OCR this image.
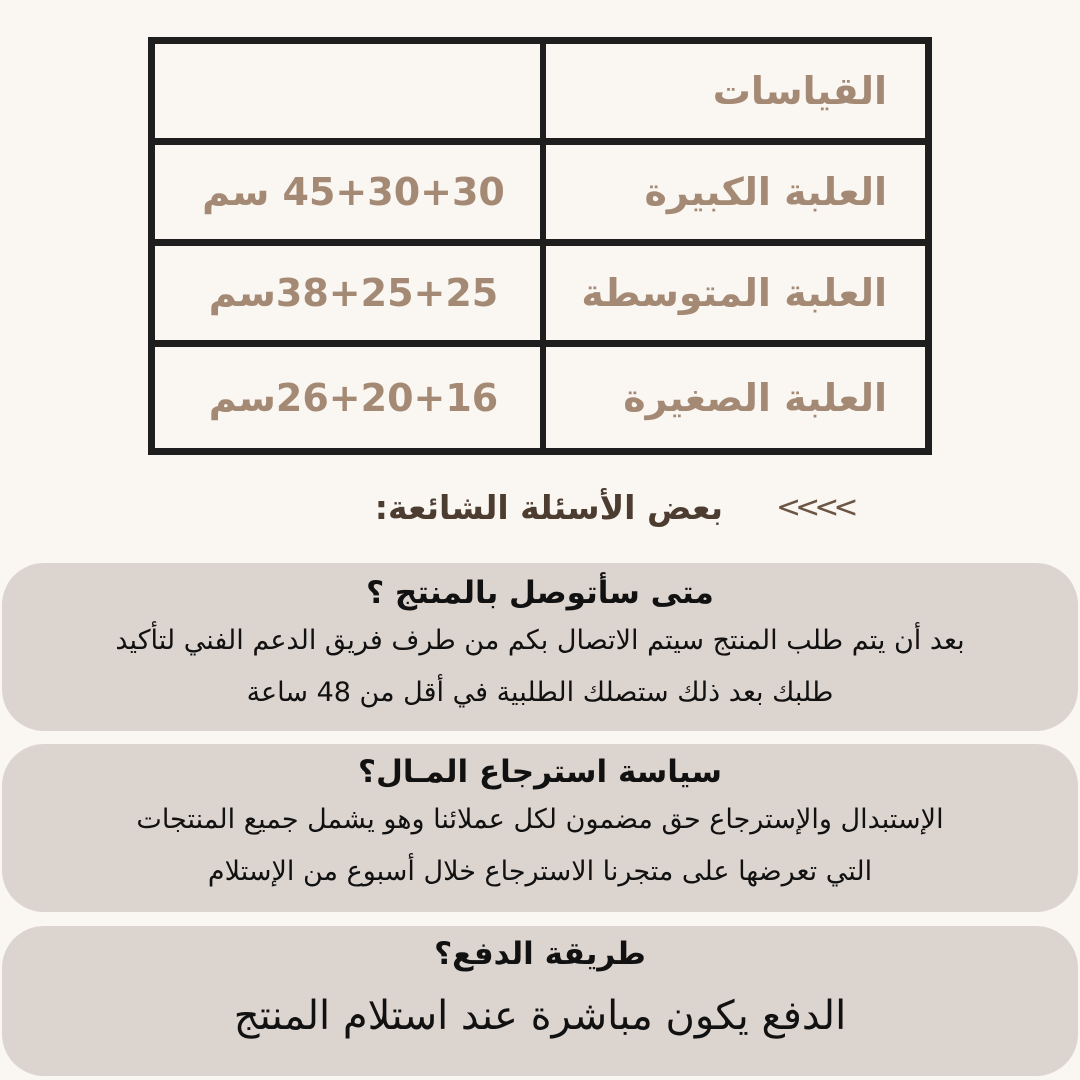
القياسات
العلبة الكبيرة
45+30+30 سم
العلبة المتوسطة
38+25+25سم
العلبة الصغيرة
26+20+16سم
بعض الأسئلة الشائعة: <<<<
متى سأتوصل بالمنتج ؟
بعد أن يتم طلب المنتج سيتم الاتصال بكم من طرف فريق الدعم الفني لتأكيد
طلبك بعد ذلك ستصلك الطلبية في أقل من 48 ساعة
سياسة استرجاع المـال؟
الإستبدال والإسترجاع حق مضمون لكل عملائنا وهو يشمل جميع المنتجات
التي تعرضها على متجرنا الاسترجاع خلال أسبوع من الإستلام
طريقة الدفع؟
الدفع يكون مباشرة عند استلام المنتج
